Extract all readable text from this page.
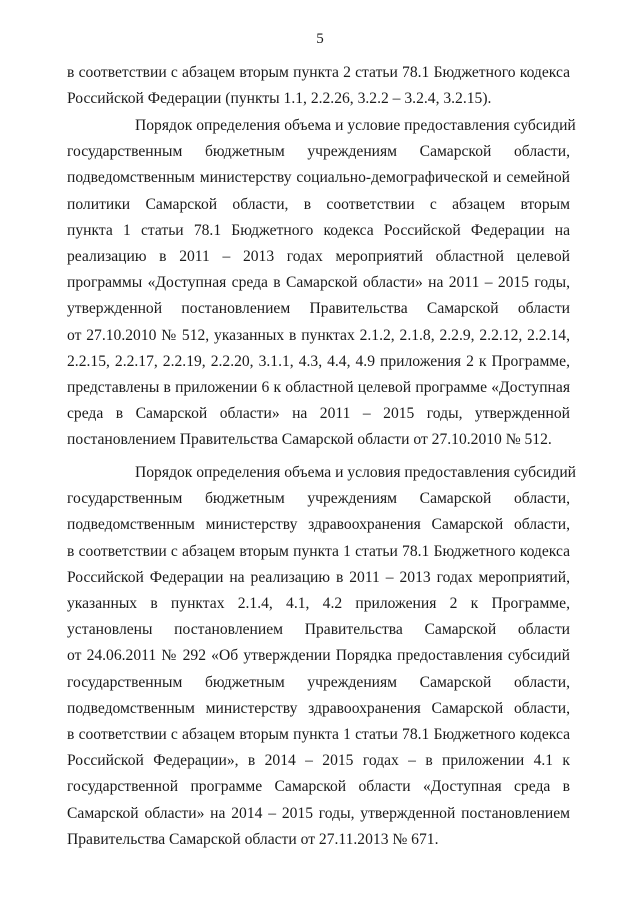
5
в соответствии с абзацем вторым пункта 2 статьи 78.1 Бюджетного кодекса
Российской Федерации (пункты 1.1, 2.2.26, 3.2.2 – 3.2.4, 3.2.15).
Порядок определения объема и условие предоставления субсидий
государственным бюджетным учреждениям Самарской области,
подведомственным министерству социально-демографической и семейной
политики Самарской области, в соответствии с абзацем вторым
пункта 1 статьи 78.1 Бюджетного кодекса Российской Федерации на
реализацию в 2011 – 2013 годах мероприятий областной целевой
программы «Доступная среда в Самарской области» на 2011 – 2015 годы,
утвержденной постановлением Правительства Самарской области
от 27.10.2010 № 512, указанных в пунктах 2.1.2, 2.1.8, 2.2.9, 2.2.12, 2.2.14,
2.2.15, 2.2.17, 2.2.19, 2.2.20, 3.1.1, 4.3, 4.4, 4.9 приложения 2 к Программе,
представлены в приложении 6 к областной целевой программе «Доступная
среда в Самарской области» на 2011 – 2015 годы, утвержденной
постановлением Правительства Самарской области от 27.10.2010 № 512.
Порядок определения объема и условия предоставления субсидий
государственным бюджетным учреждениям Самарской области,
подведомственным министерству здравоохранения Самарской области,
в соответствии с абзацем вторым пункта 1 статьи 78.1 Бюджетного кодекса
Российской Федерации на реализацию в 2011 – 2013 годах мероприятий,
указанных в пунктах 2.1.4, 4.1, 4.2 приложения 2 к Программе,
установлены постановлением Правительства Самарской области
от 24.06.2011 № 292 «Об утверждении Порядка предоставления субсидий
государственным бюджетным учреждениям Самарской области,
подведомственным министерству здравоохранения Самарской области,
в соответствии с абзацем вторым пункта 1 статьи 78.1 Бюджетного кодекса
Российской Федерации», в 2014 – 2015 годах – в приложении 4.1 к
государственной программе Самарской области «Доступная среда в
Самарской области» на 2014 – 2015 годы, утвержденной постановлением
Правительства Самарской области от 27.11.2013 № 671.
